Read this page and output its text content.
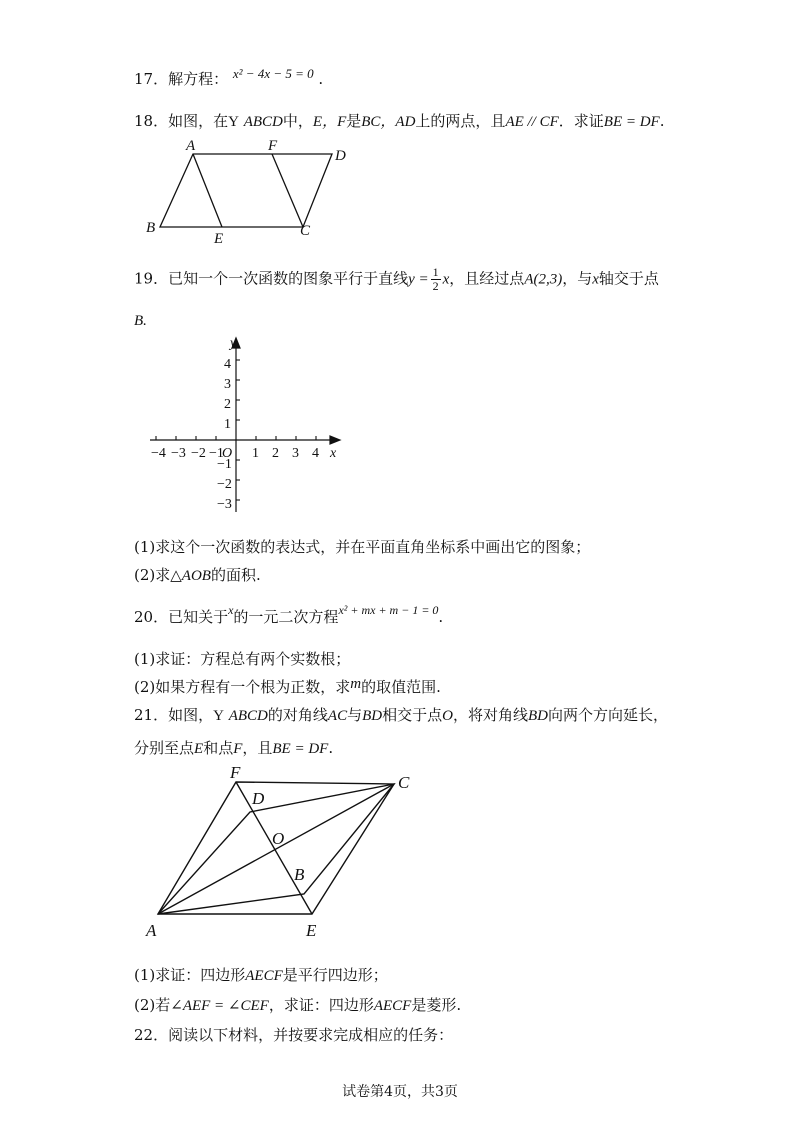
17．解方程： x² − 4x − 5 = 0 .
18．如图，在Y ABCD中，E，F是BC，AD上的两点，且AE // CF．求证BE = DF.
A	F
D
B
E	C
19．已知一个一次函数的图象平行于直线$y = \frac{1}{2}$ x，且经过点A(2,3)，与x轴交于点
B.
y
x
O
−4 −3 −2 −1 1 2 3 4
4
3
2
1
−1
−2
−3
(1)求这个一次函数的表达式，并在平面直角坐标系中画出它的图象；
(2)求△AOB的面积.
20．已知关于$^x$的一元二次方程$^{x^2 + mx + m - 1 = 0}$.
(1)求证：方程总有两个实数根；
(2)如果方程有一个根为正数，求m的取值范围.
21．如图，Y ABCD的对角线AC与BD相交于点O，将对角线BD向两个方向延长，
分别至点E和点F，且BE = DF.
F
D
C
O
B
A	E
(1)求证：四边形AECF是平行四边形；
(2)若∠AEF = ∠CEF，求证：四边形AECF是菱形.
22．阅读以下材料，并按要求完成相应的任务：
试卷第4页，共3页
